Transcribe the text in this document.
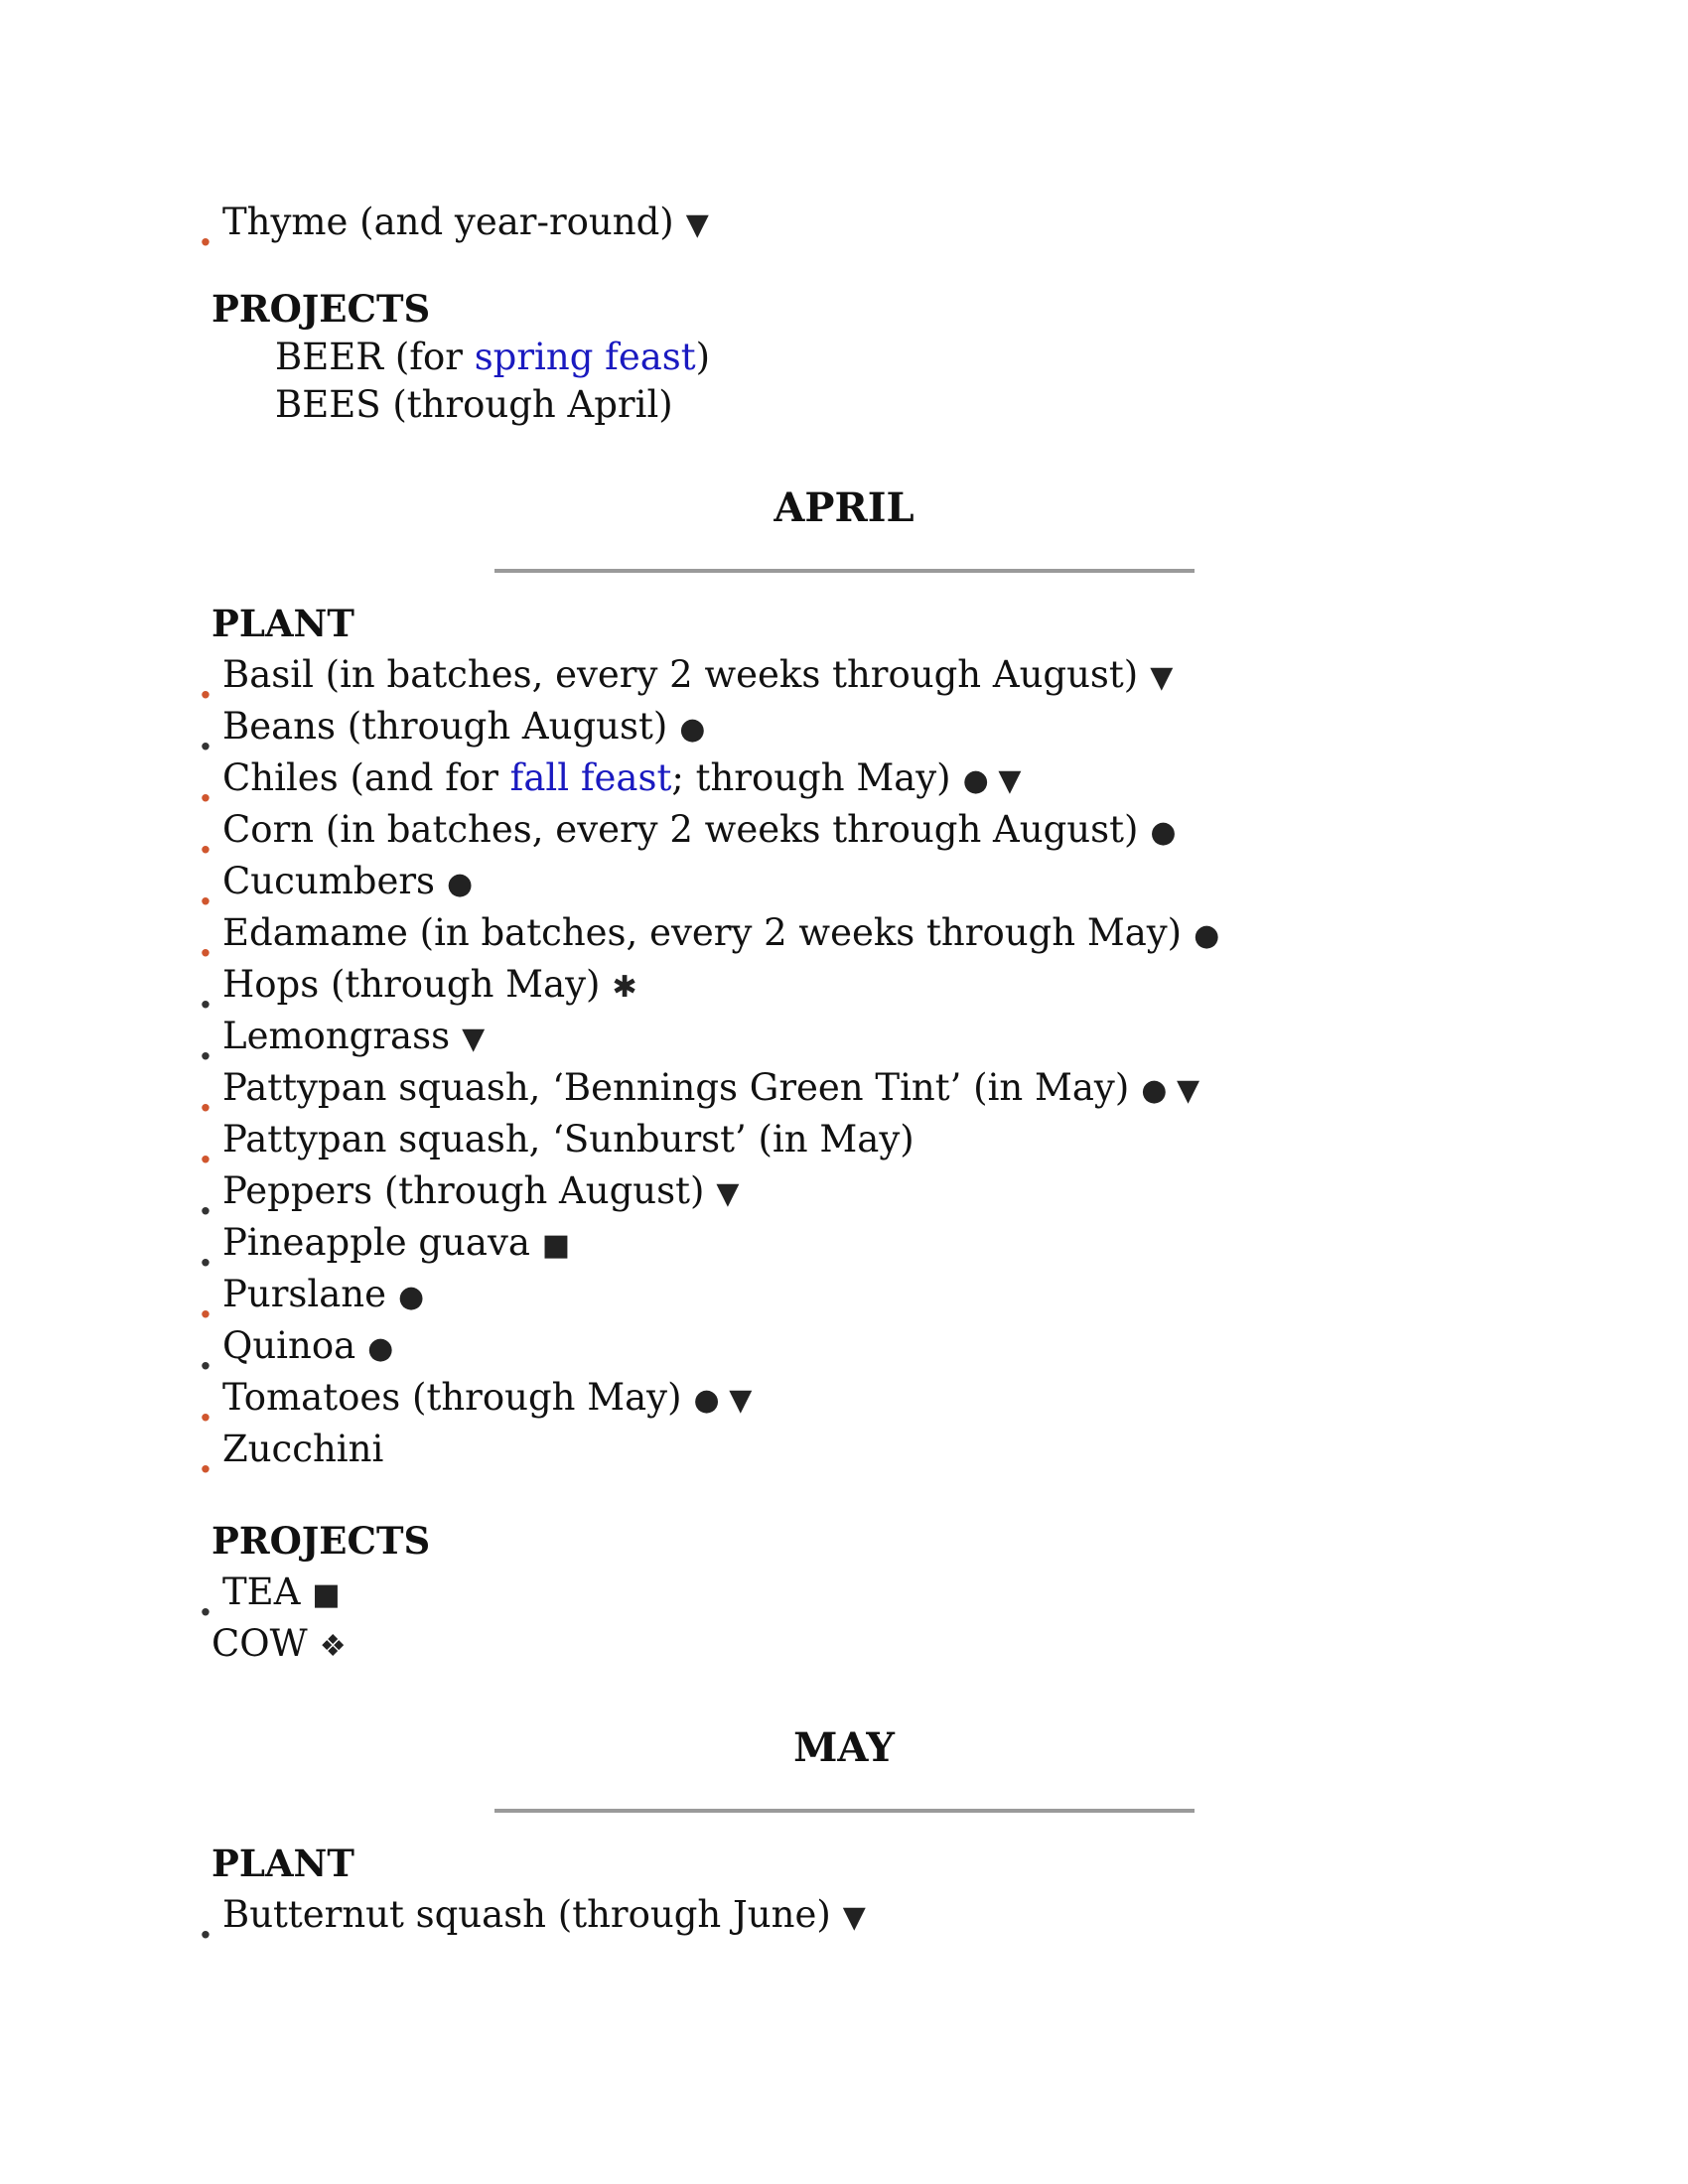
. Thyme (and year-round) ▼
PROJECTS
BEER (for spring feast)
BEES (through April)
APRIL
PLANT
. Basil (in batches, every 2 weeks through August) ▼
. Beans (through August) ●
. Chiles (and for fall feast; through May) ● ▼
. Corn (in batches, every 2 weeks through August) ●
. Cucumbers ●
. Edamame (in batches, every 2 weeks through May) ●
. Hops (through May) ✱
. Lemongrass ▼
. Pattypan squash, ‘Bennings Green Tint’ (in May) ● ▼
. Pattypan squash, ‘Sunburst’ (in May)
. Peppers (through August) ▼
. Pineapple guava ■
. Purslane ●
. Quinoa ●
. Tomatoes (through May) ● ▼
. Zucchini
PROJECTS
. TEA ■
COW ❖
MAY
PLANT
. Butternut squash (through June) ▼
